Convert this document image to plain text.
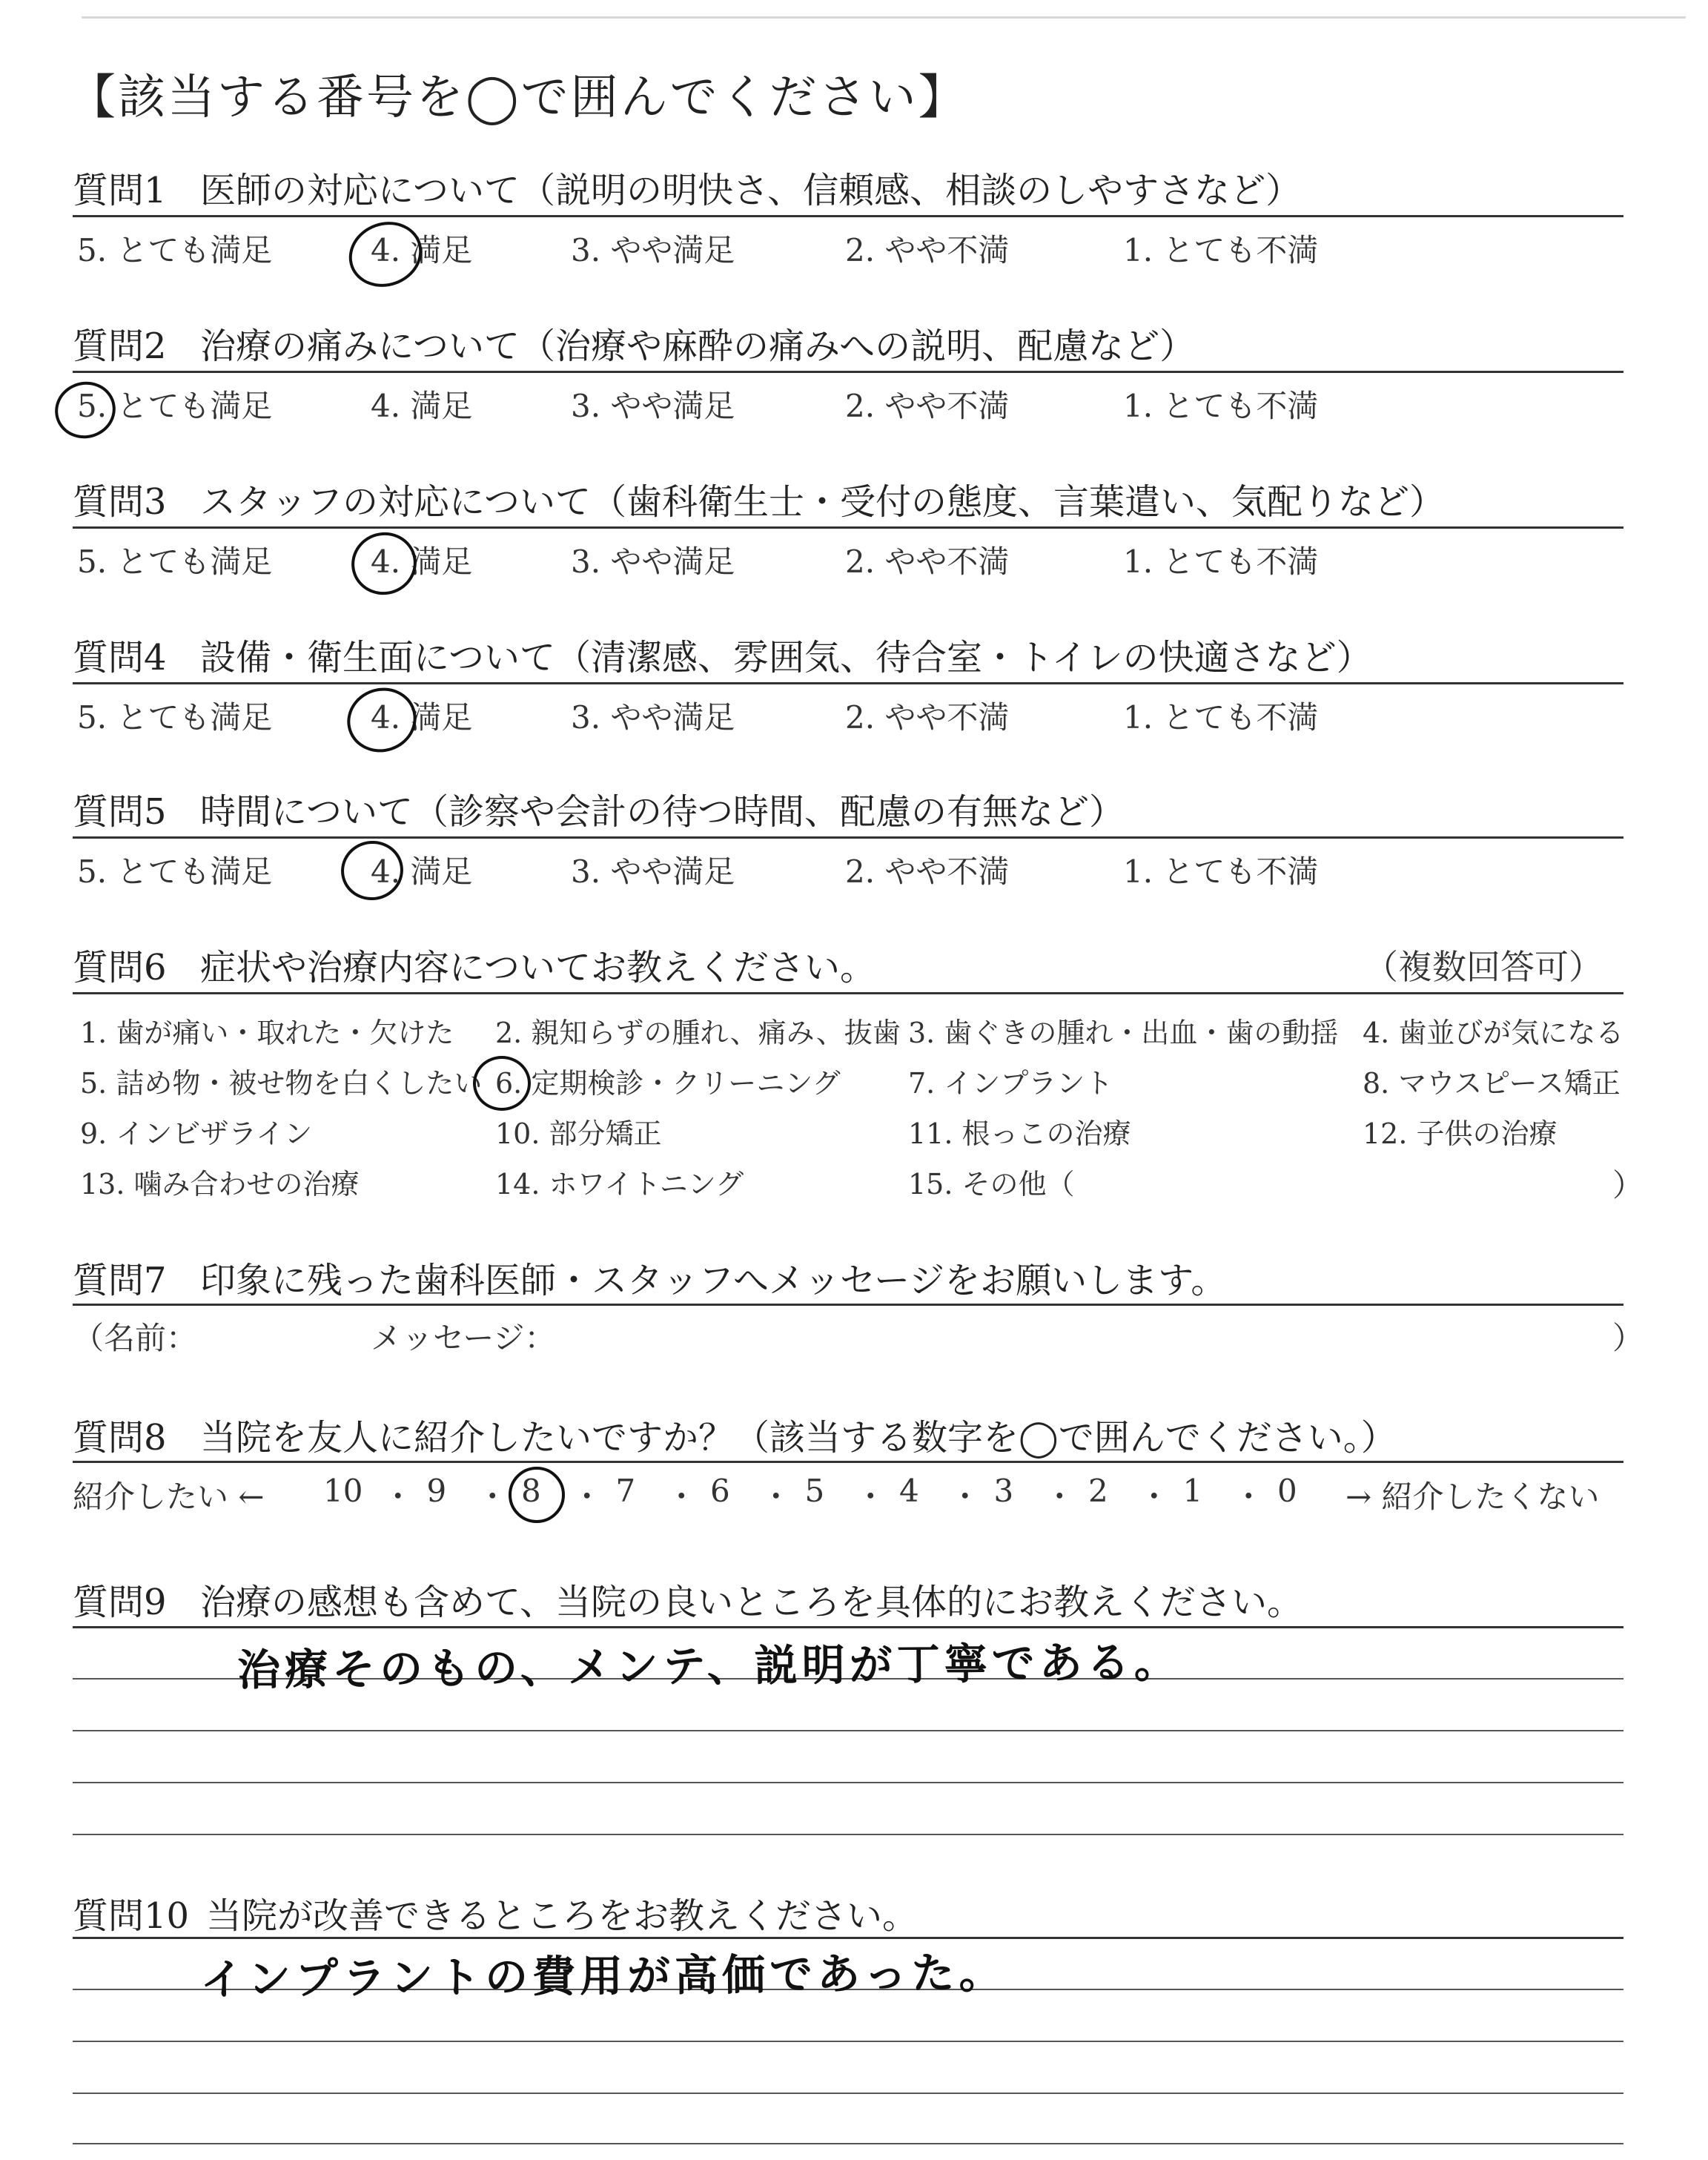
【該当する番号を◯で囲んでください】
質問1 医師の対応について（説明の明快さ、信頼感、相談のしやすさなど）
5. とても満足	4. 満足	3. やや満足	2. やや不満	1. とても不満
質問2 治療の痛みについて（治療や麻酔の痛みへの説明、配慮など）
5. とても満足	4. 満足	3. やや満足	2. やや不満	1. とても不満
質問3 スタッフの対応について（歯科衛生士・受付の態度、言葉遣い、気配りなど）
5. とても満足	4. 満足	3. やや満足	2. やや不満	1. とても不満
質問4 設備・衛生面について（清潔感、雰囲気、待合室・トイレの快適さなど）
5. とても満足	4. 満足	3. やや満足	2. やや不満	1. とても不満
質問5 時間について（診察や会計の待つ時間、配慮の有無など）
5. とても満足	4. 満足	3. やや満足	2. やや不満	1. とても不満
質問6 症状や治療内容についてお教えください。	（複数回答可）
1. 歯が痛い・取れた・欠けた 2. 親知らずの腫れ、痛み、抜歯 3. 歯ぐきの腫れ・出血・歯の動揺 4. 歯並びが気になる
5. 詰め物・被せ物を白くしたい 6. 定期検診・クリーニング 7. インプラント	8. マウスピース矯正
9. インビザライン	10. 部分矯正	11. 根っこの治療	12. 子供の治療
13. 噛み合わせの治療	14. ホワイトニング	15. その他（	）
質問7 印象に残った歯科医師・スタッフへメッセージをお願いします。
（名前：	メッセージ：	）
質問8 当院を友人に紹介したいですか？（該当する数字を◯で囲んでください。）
紹介したい ←	→ 紹介したくない
10 ・ 9 ・ 8 ・ 7 ・ 6 ・ 5 ・ 4 ・ 3 ・ 2 ・ 1 ・ 0
質問9 治療の感想も含めて、当院の良いところを具体的にお教えください。
治療そのもの、メンテ、説明が丁寧である。
質問10 当院が改善できるところをお教えください。
インプラントの費用が高価であった。
